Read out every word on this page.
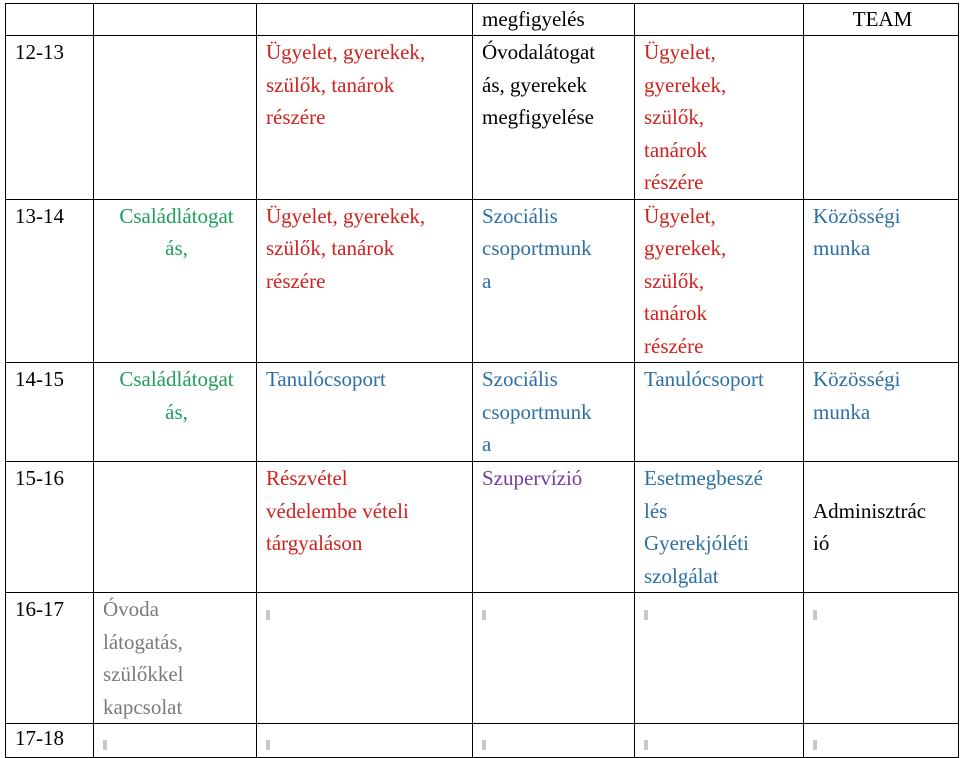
			megfigyelés		TEAM

12-13		Ügyelet, gyerekek,
szülők, tanárok
részére	Óvodalátogat
ás, gyerekek
megfigyelése	Ügyelet,
gyerekek,
szülők,
tanárok
részére	

13-14	Családlátogat
ás,	Ügyelet, gyerekek,
szülők, tanárok
részére	Szociális
csoportmunk
a	Ügyelet,
gyerekek,
szülők,
tanárok
részére	Közösségi
munka

14-15	Családlátogat
ás,	Tanulócsoport	Szociális
csoportmunk
a	Tanulócsoport	Közösségi
munka

15-16		Részvétel
védelembe vételi
tárgyaláson	Szupervízió	Esetmegbeszé
lés
Gyerekjóléti
szolgálat	Adminisztrác
ió

16-17	Óvoda
látogatás,
szülőkkel
kapcsolat				

17-18					
